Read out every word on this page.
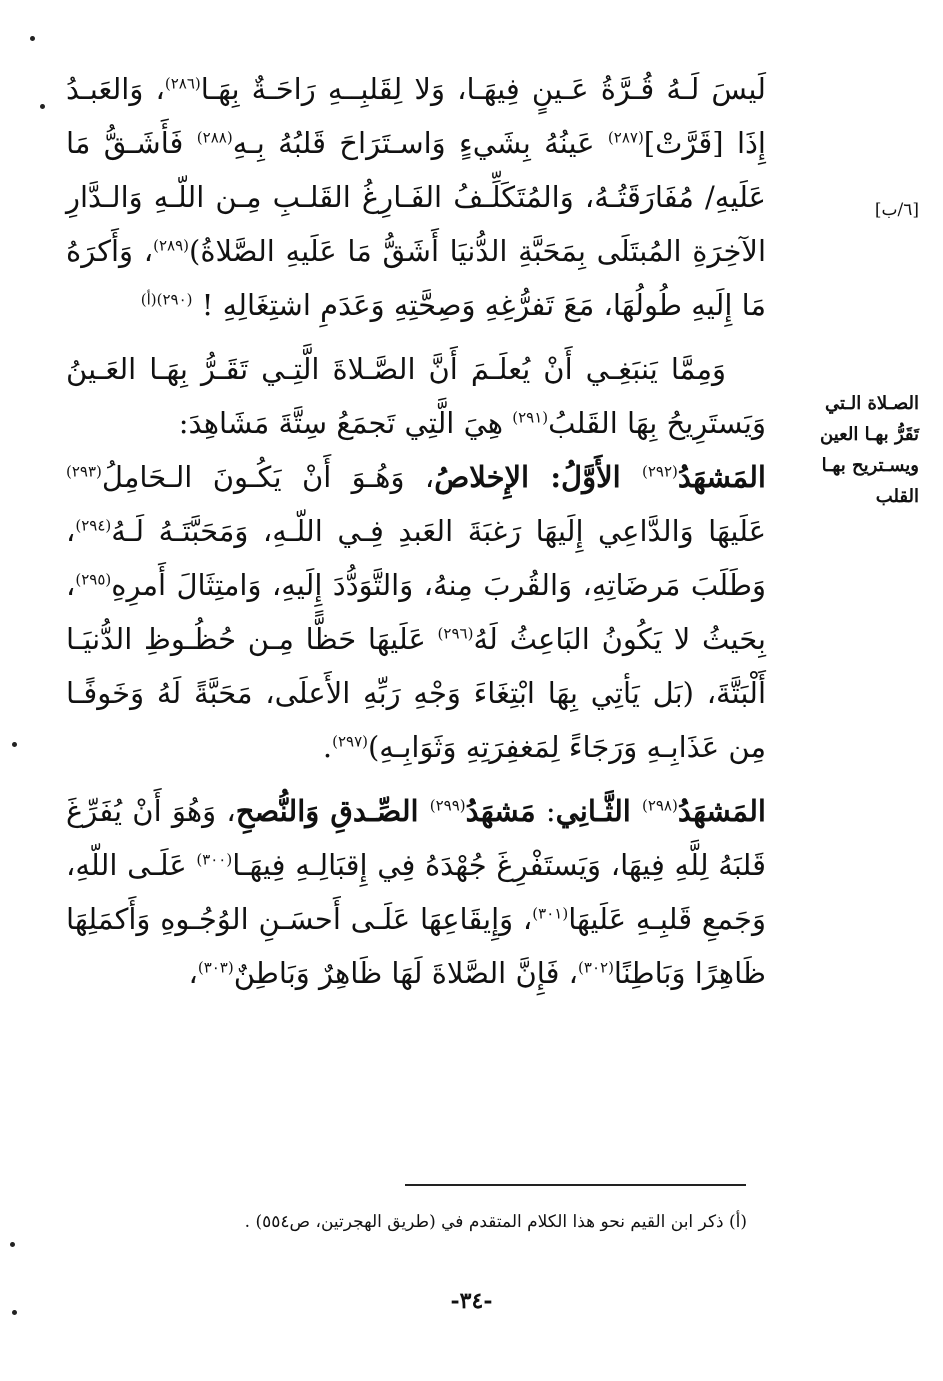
لَيسَ لَـهُ قُـرَّةُ عَـينٍ فِيهَـا، وَلا لِقَلبِــهِ رَاحَـةٌ بِهَـا$^{(٢٨٦)}$، وَالعَبـدُ إِذَا [قَرَّتْ]$^{(٢٨٧)}$ عَينُهُ بِشَيءٍ وَاسـتَرَاحَ قَلبُهُ بِـهِ$^{(٢٨٨)}$ فَأَشَـقُّ مَا عَلَيهِ/ مُفَارَقَتُـهُ، وَالمُتَكَلِّـفُ الفَـارِغُ القَلـبِ مِـن اللّـهِ وَالـدَّارِ الآخِرَةِ المُبتَلَى بِمَحَبَّةِ الدُّنيَا أَشَقُّ مَا عَلَيهِ الصَّلاةُ)$^{(٢٨٩)}$، وَأَكرَهُ مَا إِلَيهِ طُولُهَا، مَعَ تَفرُّغِهِ وَصِحَّتِهِ وَعَدَمِ اشتِغَالِهِ ! $^{(٢٩٠)(أ)}$

وَمِمَّا يَنبَغِـي أَنْ يُعلَـمَ أَنَّ الصَّـلاةَ الَّتِـي تَقَـرُّ بِهَـا العَـينُ وَيَستَرِيحُ بِهَا القَلبُ$^{(٢٩١)}$ هِيَ الَّتِي تَجمَعُ سِتَّةَ مَشَاهِدَ:

المَشهَدُ$^{(٢٩٢)}$ الأَوَّلُ: الإِخلاصُ، وَهُـوَ أَنْ يَكُـونَ الـحَامِلُ$^{(٢٩٣)}$ عَلَيهَا وَالدَّاعِي إِلَيهَا رَغبَةَ العَبدِ فِـي اللّـهِ، وَمَحَبَّتَـهُ لَـهُ$^{(٢٩٤)}$، وَطَلَبَ مَرضَاتِهِ، وَالقُربَ مِنهُ، وَالتَّوَدُّدَ إِلَيهِ، وَامتِثَالَ أَمرِهِ$^{(٢٩٥)}$، بِحَيثُ لا يَكُونُ البَاعِثُ لَهُ$^{(٢٩٦)}$ عَلَيهَا حَظًّا مِـن حُظُـوظِ الدُّنيَـا أَلْبَتَّةَ، (بَل يَأتِي بِهَا ابْتِغَاءَ وَجْهِ رَبِّهِ الأَعلَى، مَحَبَّةً لَهُ وَخَوفًـا مِن عَذَابِـهِ وَرَجَاءً لِمَغفِرَتِهِ وَثَوَابِـهِ)$^{(٢٩٧)}$.

المَشهَدُ$^{(٢٩٨)}$ الثَّـانِي: مَشهَدُ$^{(٢٩٩)}$ الصِّـدقِ وَالنُّصحِ، وَهُوَ أَنْ يُفَرِّغَ قَلبَهُ لِلَّهِ فِيهَا، وَيَستَفْرِغَ جُهْدَهُ فِي إِقبَالِـهِ فِيهَـا$^{(٣٠٠)}$ عَلَـى اللّهِ، وَجَمعِ قَلبِـهِ عَلَيهَا$^{(٣٠١)}$، وَإِيقَاعِهَا عَلَـى أَحسَـنِ الوُجُـوهِ وَأَكمَلِهَا ظَاهِرًا وَبَاطِنًا$^{(٣٠٢)}$، فَإِنَّ الصَّلاةَ لَهَا ظَاهِرٌ وَبَاطِنٌ$^{(٣٠٣)}$،

[٦/ب]
الصـلاة الـتي
تَقَرُّ بهـا العين
ويسـتريح بهـا
القلب
(أ) ذكر ابن القيم نحو هذا الكلام المتقدم في (طريق الهجرتين، ص٥٥٤) .
-٣٤-
